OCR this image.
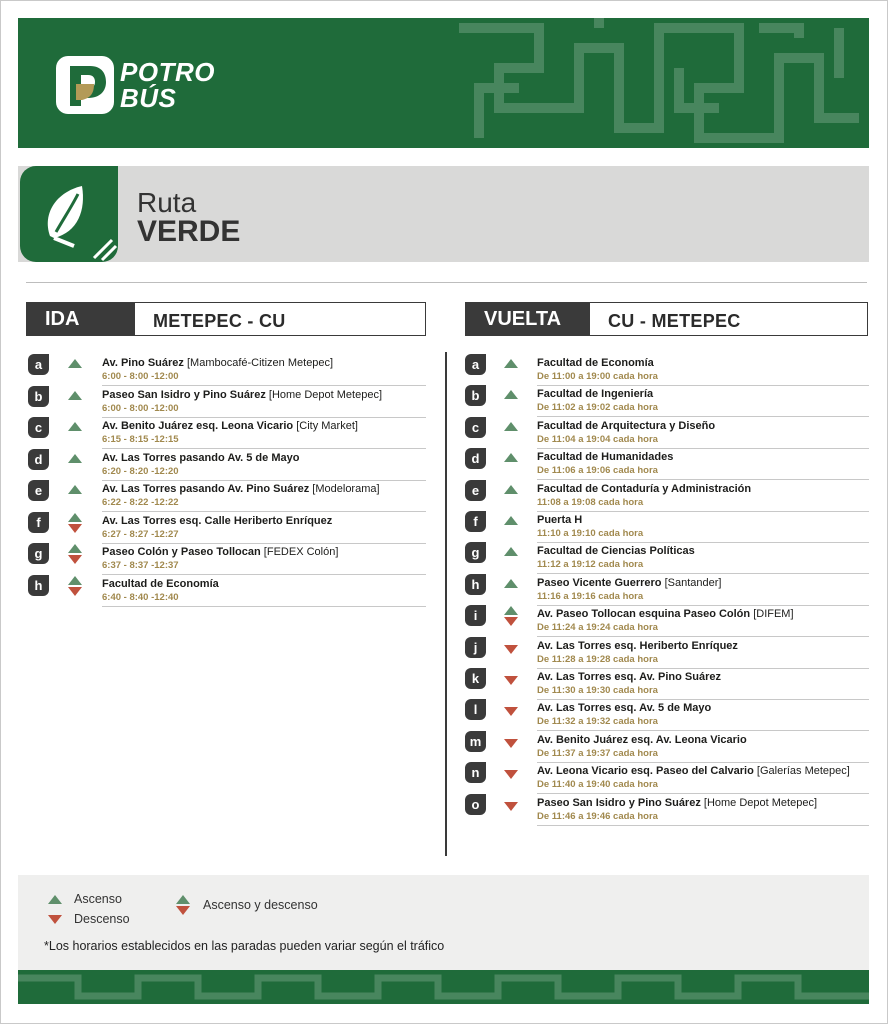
POTRO
BÚS
Ruta
VERDE
IDA	METEPEC - CU	VUELTA	CU - METEPEC
a	Av. Pino Suárez [Mambocafé-Citizen Metepec]
6:00 - 8:00 -12:00
b	Paseo San Isidro y Pino Suárez [Home Depot Metepec]
6:00 - 8:00 -12:00
c	Av. Benito Juárez esq. Leona Vicario [City Market]
6:15 - 8:15 -12:15
d	Av. Las Torres pasando Av. 5 de Mayo
6:20 - 8:20 -12:20
e	Av. Las Torres pasando Av. Pino Suárez [Modelorama]
6:22 - 8:22 -12:22
f	Av. Las Torres esq. Calle Heriberto Enríquez
6:27 - 8:27 -12:27
g	Paseo Colón y Paseo Tollocan [FEDEX Colón]
6:37 - 8:37 -12:37
h	Facultad de Economía
6:40 - 8:40 -12:40
a	Facultad de Economía
De 11:00 a 19:00 cada hora
b	Facultad de Ingeniería
De 11:02 a 19:02 cada hora
c	Facultad de Arquitectura y Diseño
De 11:04 a 19:04 cada hora
d	Facultad de Humanidades
De 11:06 a 19:06 cada hora
e	Facultad de Contaduría y Administración
11:08 a 19:08 cada hora
f	Puerta H
11:10 a 19:10 cada hora
g	Facultad de Ciencias Políticas
11:12 a 19:12 cada hora
h	Paseo Vicente Guerrero [Santander]
11:16 a 19:16 cada hora
i	Av. Paseo Tollocan esquina Paseo Colón [DIFEM]
De 11:24 a 19:24 cada hora
j	Av. Las Torres esq. Heriberto Enríquez
De 11:28 a 19:28 cada hora
k	Av. Las Torres esq. Av. Pino Suárez
De 11:30 a 19:30 cada hora
l	Av. Las Torres esq. Av. 5 de Mayo
De 11:32 a 19:32 cada hora
m	Av. Benito Juárez esq. Av. Leona Vicario
De 11:37 a 19:37 cada hora
n	Av. Leona Vicario esq. Paseo del Calvario [Galerías Metepec]
De 11:40 a 19:40 cada hora
o	Paseo San Isidro y Pino Suárez [Home Depot Metepec]
De 11:46 a 19:46 cada hora
Ascenso
Descenso
Ascenso y descenso
*Los horarios establecidos en las paradas pueden variar según el tráfico
